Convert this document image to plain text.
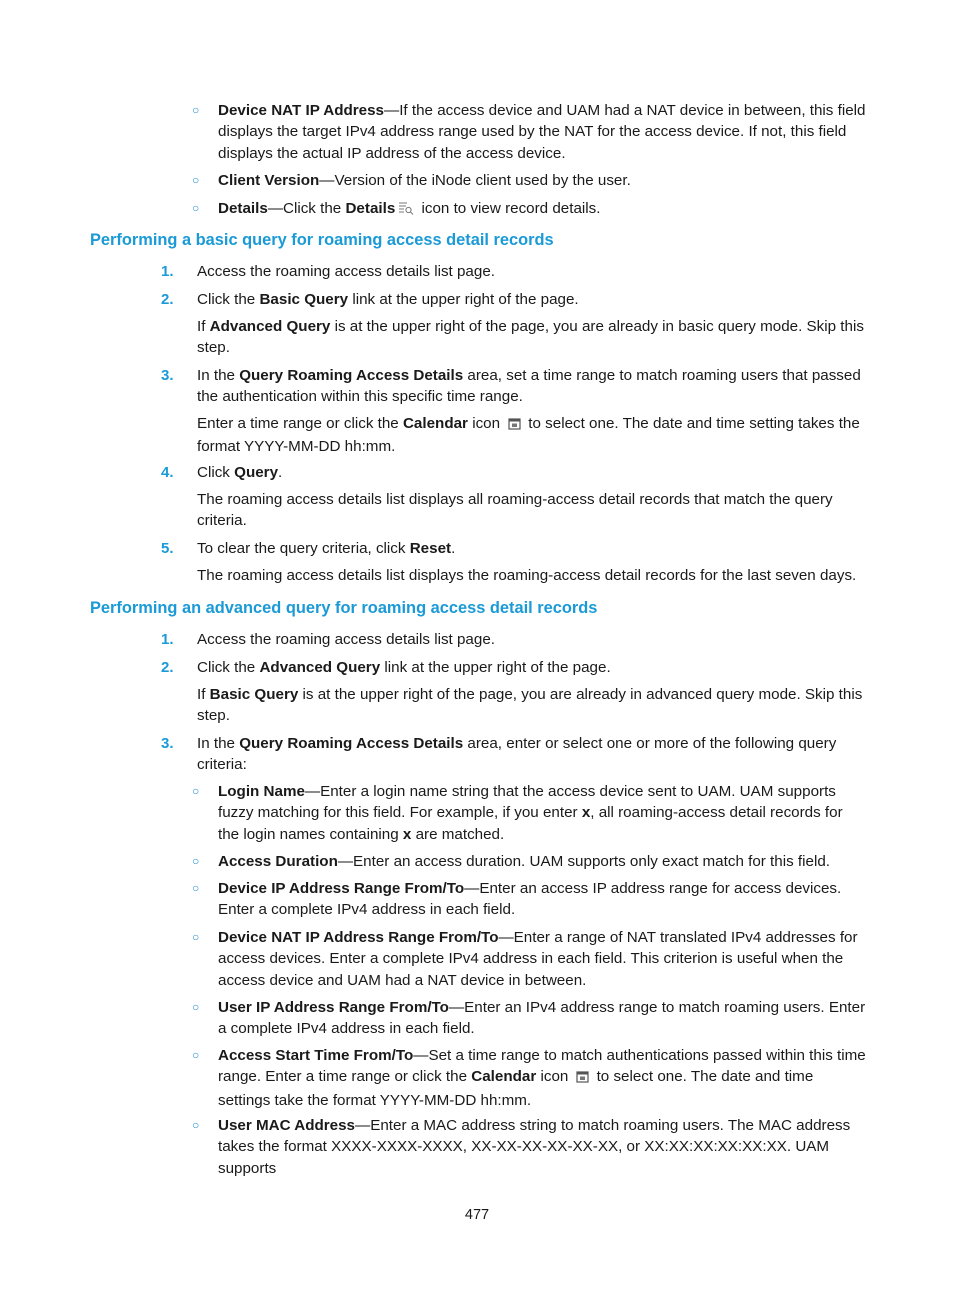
○ Device NAT IP Address—If the access device and UAM had a NAT device in between, this field displays the target IPv4 address range used by the NAT for the access device. If not, this field displays the actual IP address of the access device.

○ Client Version—Version of the iNode client used by the user.

○ Details—Click the Details icon to view record details.

Performing a basic query for roaming access detail records
1. Access the roaming access details list page.

2. Click the Basic Query link at the upper right of the page.

If Advanced Query is at the upper right of the page, you are already in basic query mode. Skip this step.

3. In the Query Roaming Access Details area, set a time range to match roaming users that passed the authentication within this specific time range.

Enter a time range or click the Calendar icon to select one. The date and time setting takes the format YYYY-MM-DD hh:mm.

4. Click Query.

The roaming access details list displays all roaming-access detail records that match the query criteria.

5. To clear the query criteria, click Reset.

The roaming access details list displays the roaming-access detail records for the last seven days.

Performing an advanced query for roaming access detail records
1. Access the roaming access details list page.

2. Click the Advanced Query link at the upper right of the page.

If Basic Query is at the upper right of the page, you are already in advanced query mode. Skip this step.

3. In the Query Roaming Access Details area, enter or select one or more of the following query criteria:

○ Login Name—Enter a login name string that the access device sent to UAM. UAM supports fuzzy matching for this field. For example, if you enter x, all roaming-access detail records for the login names containing x are matched.

○ Access Duration—Enter an access duration. UAM supports only exact match for this field.

○ Device IP Address Range From/To—Enter an access IP address range for access devices. Enter a complete IPv4 address in each field.

○ Device NAT IP Address Range From/To—Enter a range of NAT translated IPv4 addresses for access devices. Enter a complete IPv4 address in each field. This criterion is useful when the access device and UAM had a NAT device in between.

○ User IP Address Range From/To—Enter an IPv4 address range to match roaming users. Enter a complete IPv4 address in each field.

○ Access Start Time From/To—Set a time range to match authentications passed within this time range. Enter a time range or click the Calendar icon to select one. The date and time settings take the format YYYY-MM-DD hh:mm.

○ User MAC Address—Enter a MAC address string to match roaming users. The MAC address takes the format XXXX-XXXX-XXXX, XX-XX-XX-XX-XX-XX, or XX:XX:XX:XX:XX:XX. UAM supports

477
